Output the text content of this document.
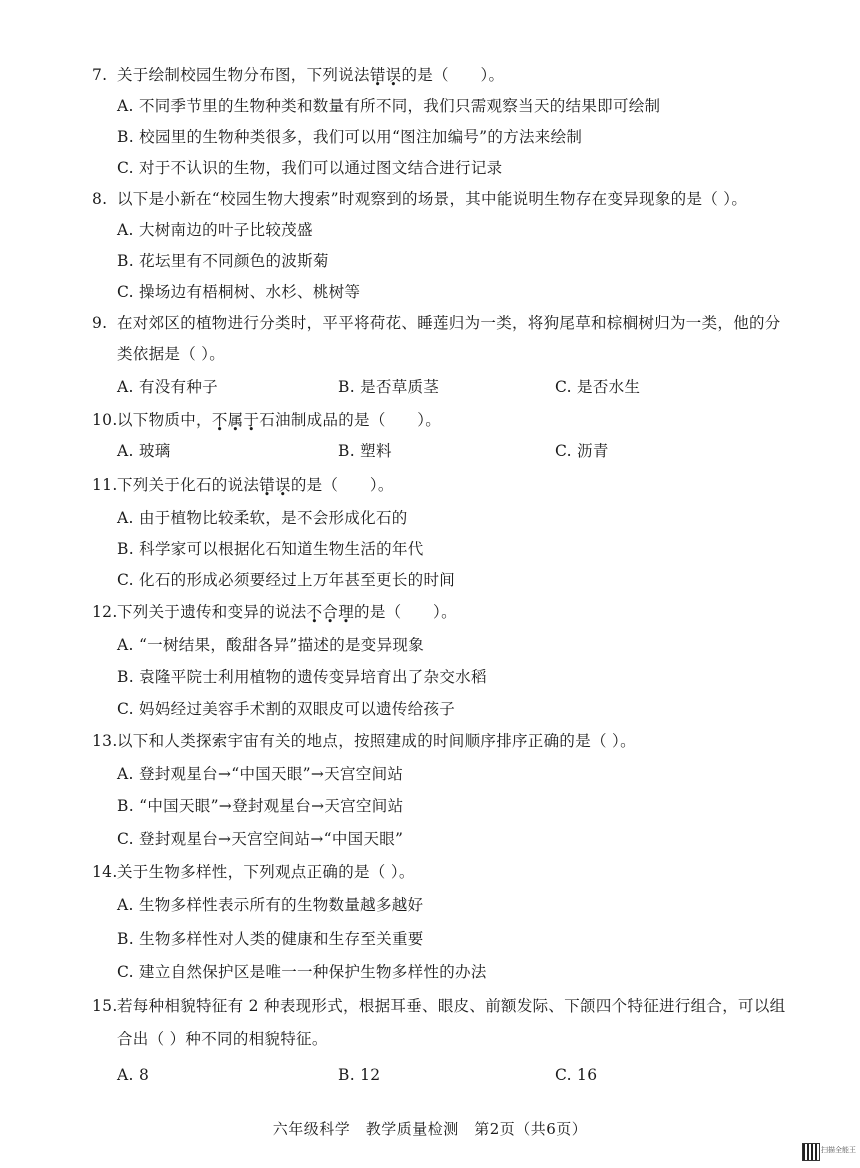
7. 关于绘制校园生物分布图，下列说法错误的是（　　）。
A. 不同季节里的生物种类和数量有所不同，我们只需观察当天的结果即可绘制
B. 校园里的生物种类很多，我们可以用“图注加编号”的方法来绘制
C. 对于不认识的生物，我们可以通过图文结合进行记录
8. 以下是小新在“校园生物大搜索”时观察到的场景，其中能说明生物存在变异现象的是（ ）。
A. 大树南边的叶子比较茂盛
B. 花坛里有不同颜色的波斯菊
C. 操场边有梧桐树、水杉、桃树等
9. 在对郊区的植物进行分类时，平平将荷花、睡莲归为一类，将狗尾草和棕榈树归为一类，他的分
类依据是（ ）。
A. 有没有种子	B. 是否草质茎	C. 是否水生
10. 以下物质中，不属于石油制成品的是（　　）。
A. 玻璃	B. 塑料	C. 沥青
11. 下列关于化石的说法错误的是（　　）。
A. 由于植物比较柔软，是不会形成化石的
B. 科学家可以根据化石知道生物生活的年代
C. 化石的形成必须要经过上万年甚至更长的时间
12. 下列关于遗传和变异的说法不合理的是（　　）。
A. “一树结果，酸甜各异”描述的是变异现象
B. 袁隆平院士利用植物的遗传变异培育出了杂交水稻
C. 妈妈经过美容手术割的双眼皮可以遗传给孩子
13. 以下和人类探索宇宙有关的地点，按照建成的时间顺序排序正确的是（ ）。
A. 登封观星台→“中国天眼”→天宫空间站
B. “中国天眼”→登封观星台→天宫空间站
C. 登封观星台→天宫空间站→“中国天眼”
14. 关于生物多样性，下列观点正确的是（ ）。
A. 生物多样性表示所有的生物数量越多越好
B. 生物多样性对人类的健康和生存至关重要
C. 建立自然保护区是唯一一种保护生物多样性的办法
15. 若每种相貌特征有 2 种表现形式，根据耳垂、眼皮、前额发际、下颌四个特征进行组合，可以组
合出（ ）种不同的相貌特征。
A. 8	B. 12	C. 16
六年级科学　教学质量检测　第2页（共6页）
扫描全能王
